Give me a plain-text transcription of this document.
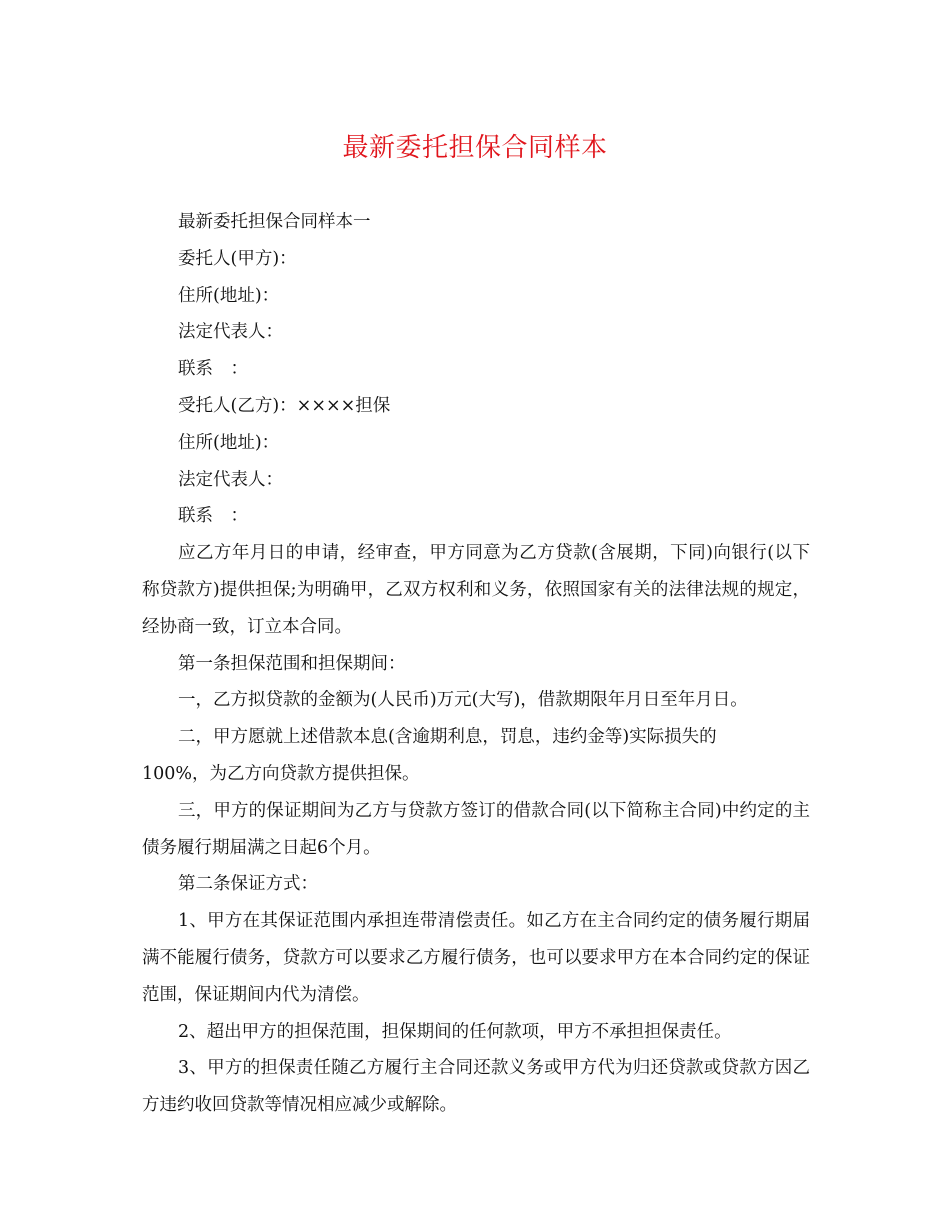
最新委托担保合同样本

最新委托担保合同样本一

委托人(甲方)：

住所(地址)：

法定代表人：

联系　：

受托人(乙方)：××××担保

住所(地址)：

法定代表人：

联系　：

应乙方年月日的申请，经审查，甲方同意为乙方贷款(含展期，下同)向银行(以下称贷款方)提供担保;为明确甲，乙双方权利和义务，依照国家有关的法律法规的规定，经协商一致，订立本合同。

第一条担保范围和担保期间：

一，乙方拟贷款的金额为(人民币)万元(大写)，借款期限年月日至年月日。

二，甲方愿就上述借款本息(含逾期利息，罚息，违约金等)实际损失的

100%，为乙方向贷款方提供担保。

三，甲方的保证期间为乙方与贷款方签订的借款合同(以下简称主合同)中约定的主债务履行期届满之日起6个月。

第二条保证方式：

1、甲方在其保证范围内承担连带清偿责任。如乙方在主合同约定的债务履行期届满不能履行债务，贷款方可以要求乙方履行债务，也可以要求甲方在本合同约定的保证范围，保证期间内代为清偿。

2、超出甲方的担保范围，担保期间的任何款项，甲方不承担担保责任。

3、甲方的担保责任随乙方履行主合同还款义务或甲方代为归还贷款或贷款方因乙方违约收回贷款等情况相应减少或解除。
